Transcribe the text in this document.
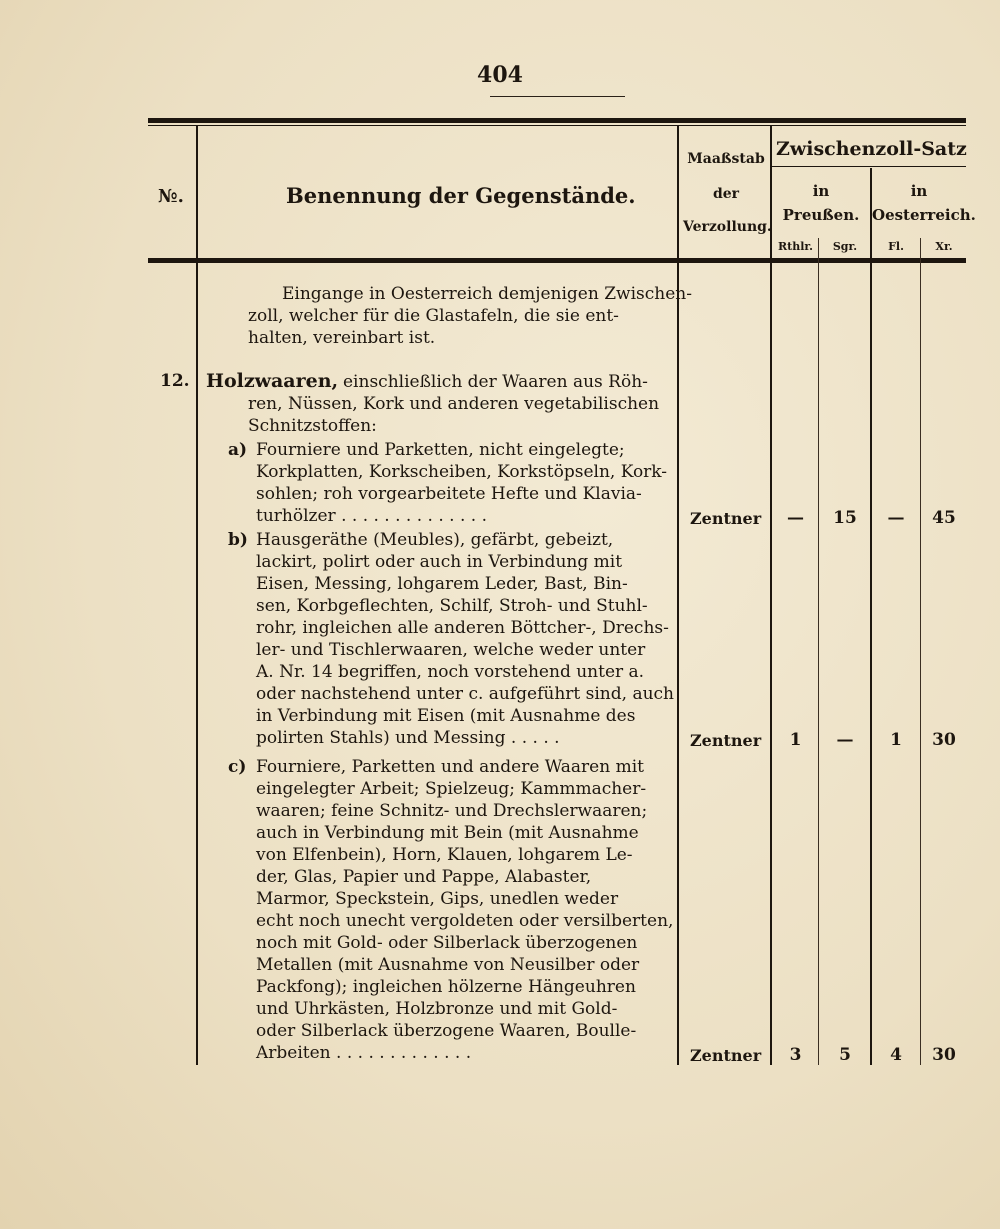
404
№.	Benennung der Gegenstände.
Maaßstab
der
Verzollung.
Zwischenzoll-Satz
in
Preußen.
in
Oesterreich.
Rthlr.	Sgr.	Fl.	Xr.
Eingange in Oesterreich demjenigen Zwischen-
zoll, welcher für die Glastafeln, die sie ent-
halten, vereinbart ist.
12. Holzwaaren, einschließlich der Waaren aus Röh-
ren, Nüssen, Kork und anderen vegetabilischen
Schnitzstoffen:
a) Fourniere und Parketten, nicht eingelegte;
Korkplatten, Korkscheiben, Korkstöpseln, Kork-
sohlen; roh vorgearbeitete Hefte und Klavia-
turhölzer . . . . . . . . . . . . . .	Zentner	—	15	—	45
b) Hausgeräthe (Meubles), gefärbt, gebeizt,
lackirt, polirt oder auch in Verbindung mit
Eisen, Messing, lohgarem Leder, Bast, Bin-
sen, Korbgeflechten, Schilf, Stroh- und Stuhl-
rohr, ingleichen alle anderen Böttcher-, Drechs-
ler- und Tischlerwaaren, welche weder unter
A. Nr. 14 begriffen, noch vorstehend unter a.
oder nachstehend unter c. aufgeführt sind, auch
in Verbindung mit Eisen (mit Ausnahme des
polirten Stahls) und Messing . . . . .	Zentner	1	—	1	30
c) Fourniere, Parketten und andere Waaren mit
eingelegter Arbeit; Spielzeug; Kammmacher-
waaren; feine Schnitz- und Drechslerwaaren;
auch in Verbindung mit Bein (mit Ausnahme
von Elfenbein), Horn, Klauen, lohgarem Le-
der, Glas, Papier und Pappe, Alabaster,
Marmor, Speckstein, Gips, unedlen weder
echt noch unecht vergoldeten oder versilberten,
noch mit Gold- oder Silberlack überzogenen
Metallen (mit Ausnahme von Neusilber oder
Packfong); ingleichen hölzerne Hängeuhren
und Uhrkästen, Holzbronze und mit Gold-
oder Silberlack überzogene Waaren, Boulle-
Arbeiten . . . . . . . . . . . . .	Zentner	3	5	4	30
